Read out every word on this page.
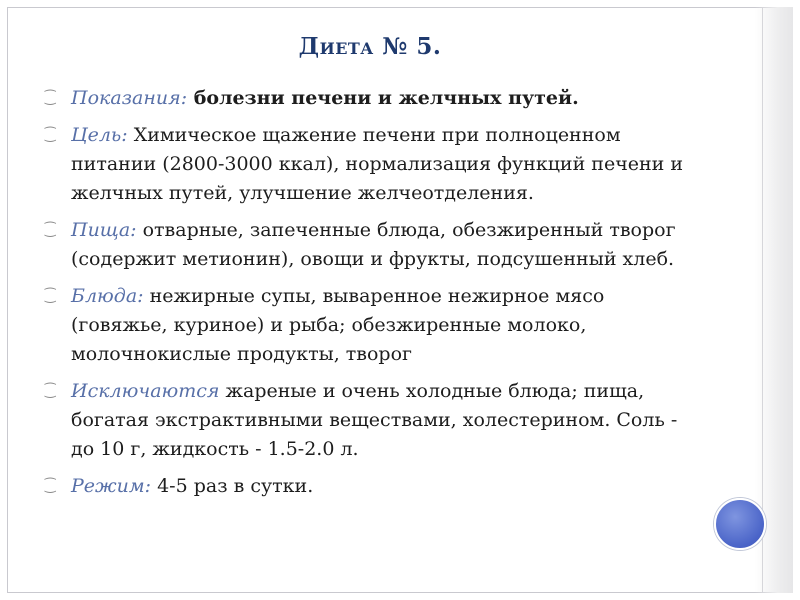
Диета № 5.
⁐ Показания: болезни печени и желчных путей.
⁐ Цель: Химическое щажение печени при полноценном питании (2800-3000 ккал), нормализация функций печени и желчных путей, улучшение желчеотделения.
⁐ Пища: отварные, запеченные блюда, обезжиренный творог (содержит метионин), овощи и фрукты, подсушенный хлеб.
⁐ Блюда: нежирные супы, вываренное нежирное мясо (говяжье, куриное) и рыба; обезжиренные молоко, молочнокислые продукты, творог
⁐ Исключаются жареные и очень холодные блюда; пища, богатая экстрактивными веществами, холестерином. Соль - до 10 г, жидкость - 1.5-2.0 л.
⁐ Режим: 4-5 раз в сутки.
